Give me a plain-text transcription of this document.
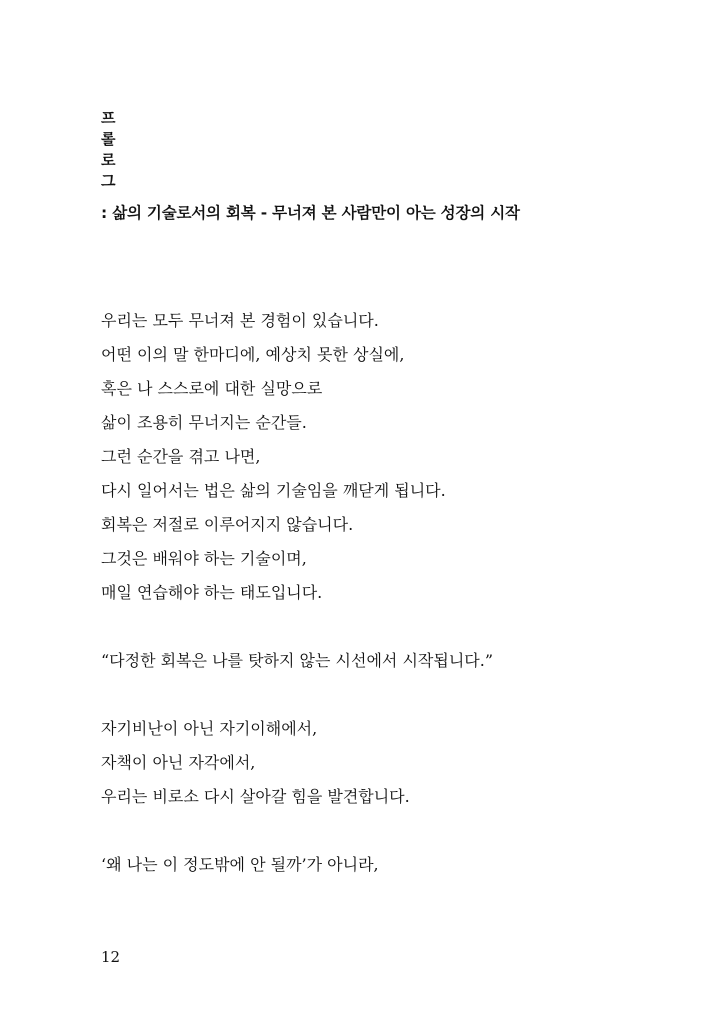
프
롤
로
그
: 삶의 기술로서의 회복 - 무너져 본 사람만이 아는 성장의 시작
우리는 모두 무너져 본 경험이 있습니다.
어떤 이의 말 한마디에, 예상치 못한 상실에,
혹은 나 스스로에 대한 실망으로
삶이 조용히 무너지는 순간들.
그런 순간을 겪고 나면,
다시 일어서는 법은 삶의 기술임을 깨닫게 됩니다.
회복은 저절로 이루어지지 않습니다.
그것은 배워야 하는 기술이며,
매일 연습해야 하는 태도입니다.
“다정한 회복은 나를 탓하지 않는 시선에서 시작됩니다.”
자기비난이 아닌 자기이해에서,
자책이 아닌 자각에서,
우리는 비로소 다시 살아갈 힘을 발견합니다.
‘왜 나는 이 정도밖에 안 될까’가 아니라,
12
